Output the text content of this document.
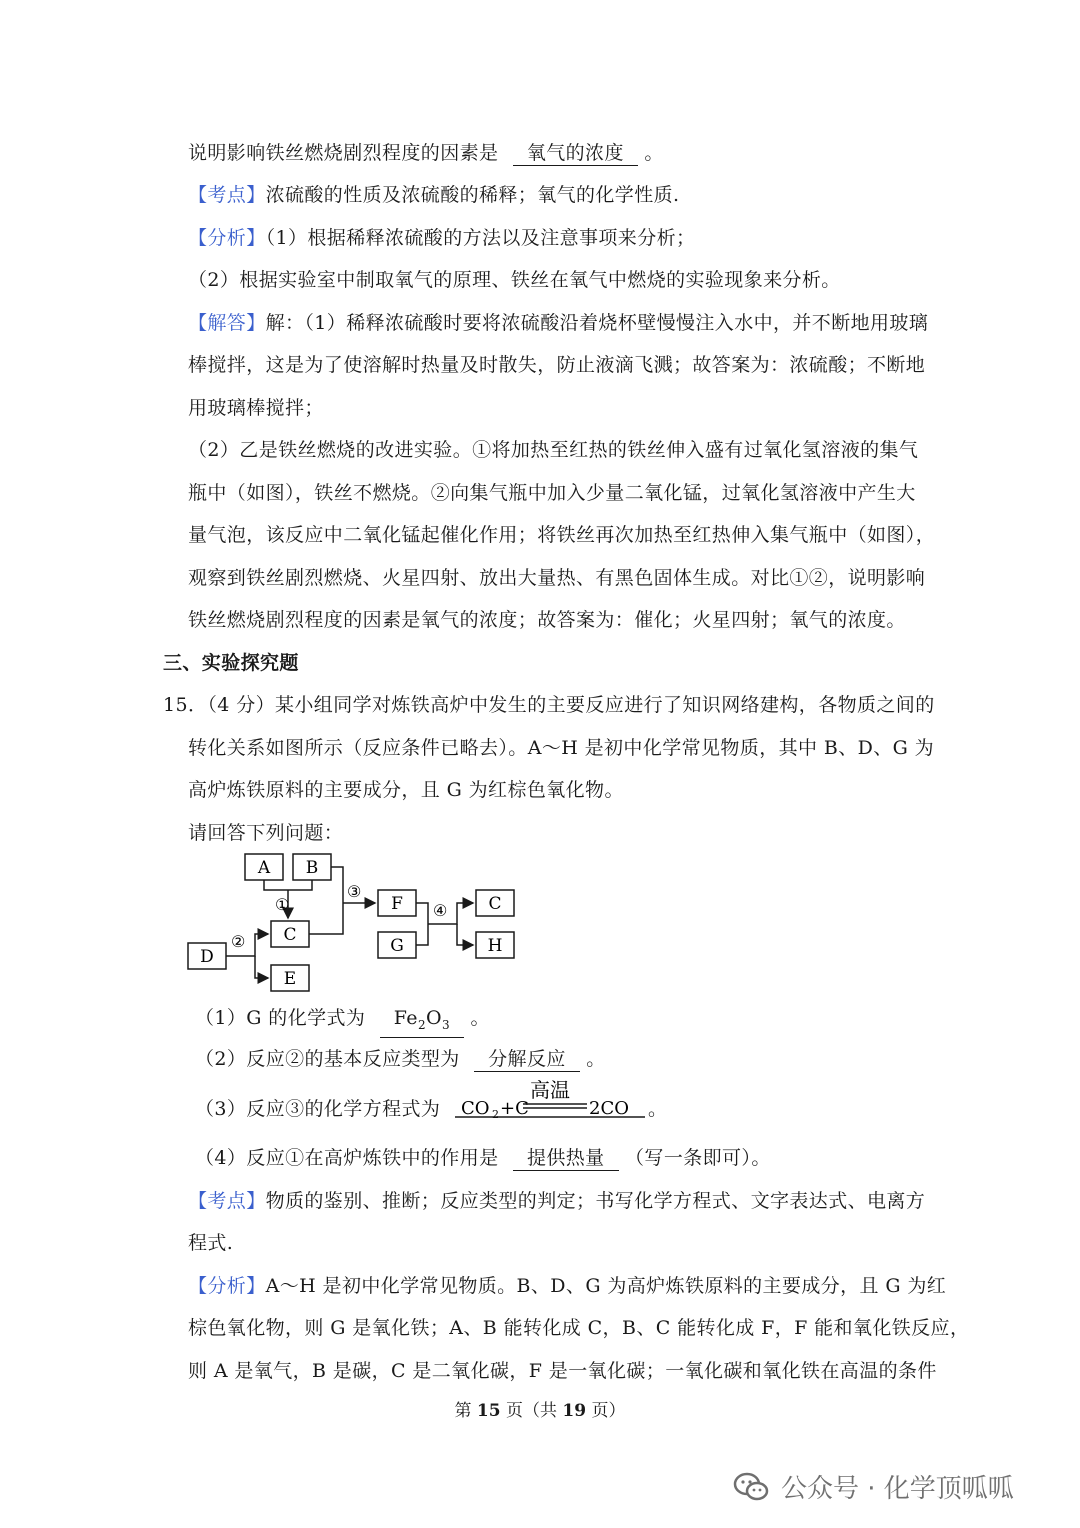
说明影响铁丝燃烧剧烈程度的因素是 氧气的浓度 。
【考点】浓硫酸的性质及浓硫酸的稀释；氧气的化学性质.
【分析】（1）根据稀释浓硫酸的方法以及注意事项来分析；
（2）根据实验室中制取氧气的原理、铁丝在氧气中燃烧的实验现象来分析。
【解答】解：（1）稀释浓硫酸时要将浓硫酸沿着烧杯壁慢慢注入水中，并不断地用玻璃
棒搅拌，这是为了使溶解时热量及时散失，防止液滴飞溅；故答案为：浓硫酸；不断地
用玻璃棒搅拌；
（2）乙是铁丝燃烧的改进实验。①将加热至红热的铁丝伸入盛有过氧化氢溶液的集气
瓶中（如图），铁丝不燃烧。②向集气瓶中加入少量二氧化锰，过氧化氢溶液中产生大
量气泡，该反应中二氧化锰起催化作用；将铁丝再次加热至红热伸入集气瓶中（如图），
观察到铁丝剧烈燃烧、火星四射、放出大量热、有黑色固体生成。对比①②，说明影响
铁丝燃烧剧烈程度的因素是氧气的浓度；故答案为：催化；火星四射；氧气的浓度。
三、实验探究题
15．（4 分）某小组同学对炼铁高炉中发生的主要反应进行了知识网络建构，各物质之间的
转化关系如图所示（反应条件已略去）。A～H 是初中化学常见物质，其中 B、D、G 为
高炉炼铁原料的主要成分，且 G 为红棕色氧化物。
请回答下列问题：
A B
C
D
E
F
G
C
H
①
②
③
④
（1）G 的化学式为 $Fe_2O_3$ 。
（2）反应②的基本反应类型为 分解反应 。
（3）反应③的化学方程式为 CO 2 +C
高温
2CO 。
（4）反应①在高炉炼铁中的作用是 提供热量 （写一条即可）。
【考点】物质的鉴别、推断；反应类型的判定；书写化学方程式、文字表达式、电离方
程式.
【分析】A～H 是初中化学常见物质。B、D、G 为高炉炼铁原料的主要成分，且 G 为红
棕色氧化物，则 G 是氧化铁；A、B 能转化成 C，B、C 能转化成 F，F 能和氧化铁反应，
则 A 是氧气，B 是碳，C 是二氧化碳，F 是一氧化碳；一氧化碳和氧化铁在高温的条件
第 15 页（共 19 页）
公众号 · 化学顶呱呱
